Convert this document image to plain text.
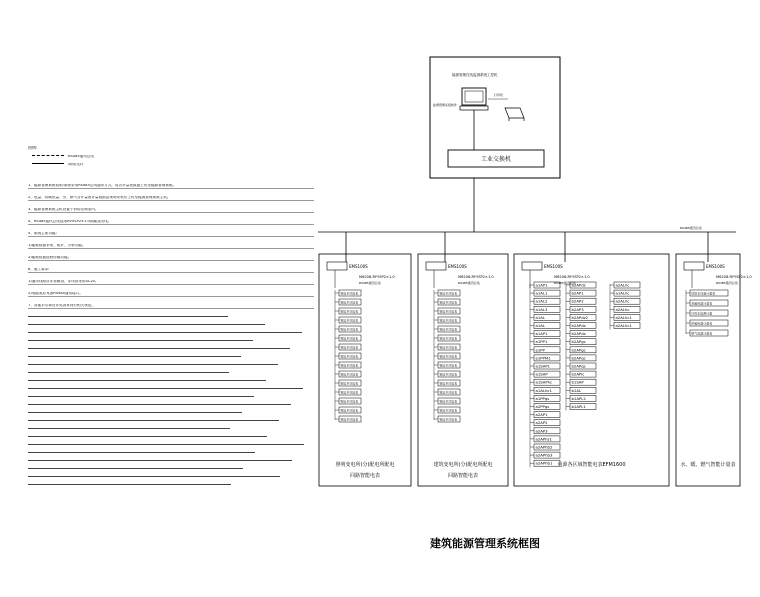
能源管理在线监测系统工控机
能源管理系统软件
打印机
工业交换机
RS485通讯总线
EMS100S
M6208-RYYSP2×1.0
RS485通讯总线
智能多功能表
智能多功能表
智能多功能表
智能多功能表
智能多功能表
智能多功能表
智能多功能表
智能多功能表
智能多功能表
智能多功能表
智能多功能表
智能多功能表
智能多功能表
智能多功能表
智能多功能表
照明变电所(分)配电所配电
回路智能电表
EMS100S
M6208-RYYSP2×1.0
RS485通讯总线
智能多功能表
智能多功能表
智能多功能表
智能多功能表
智能多功能表
智能多功能表
智能多功能表
智能多功能表
智能多功能表
智能多功能表
智能多功能表
智能多功能表
智能多功能表
智能多功能表
智能多功能表
建筑变电所(分)配电所配电
回路智能电表
EMS100S
M6208-RYYSP2×1.0
RS485通讯总线
a1AP1
a1AL1
a1AL2
a1AL3
a1AL
a1AL
a1AP1
a1PP1
a1PP
a1PPM1
a1SAP1
a1SAP
a1SAPhc
a1ALhc1
a1PPgs
a2PPgs
a2AP1
a2AP2
a2AP3
a2APhs1
a2APhb2
a2APhb3
a2APhb1
b2APdz
b2AP1
b2AP2
b2AP3
b2APdz2
b2APdz
b2APdz
b2APgc
b2APgc
b2APqc
b2APqs
b2APlc
b1SAP
b1AL
b1APL2
b1APL1
a2ALhc
a1ALhc
a2ALhc
a2ALhc
a2ALhc1
a2ALhc1
电源各区域智能电表EFM1600
EMS100S
M6208-RYYSP2×1.0
RS485通讯总线
给排水设备计量表
采暖热量计量表
冷热水能源计量
供暖热量计量表
燃气流量计量表
水、暖、燃气智能计量表
图例:
RS485通讯总线
网线/光纤
1、能源管理系统说明:系统采用RS485总线通讯方式，将各计量表数据上传至能源管理系统。
2、电量、供暖热量、水、燃气各计量表计量数据由现场采集后上传至能源管理系统主机。
3、能源管理系统主机设置于消防控制室内。
4、RS485通讯总线选用RVVSP2×1.0屏蔽双绞线。
5、系统主要功能:
1)能耗数据采集、统计、分析功能。
2)能耗数据远程传输功能。
6、施工要求:
1)通讯线路应穿管敷设，穿线管采用SC20。
2)电能表应具备RS485通讯接口。
7、其他未尽事宜详见国家现行相关规范。
建筑能源管理系统框图
